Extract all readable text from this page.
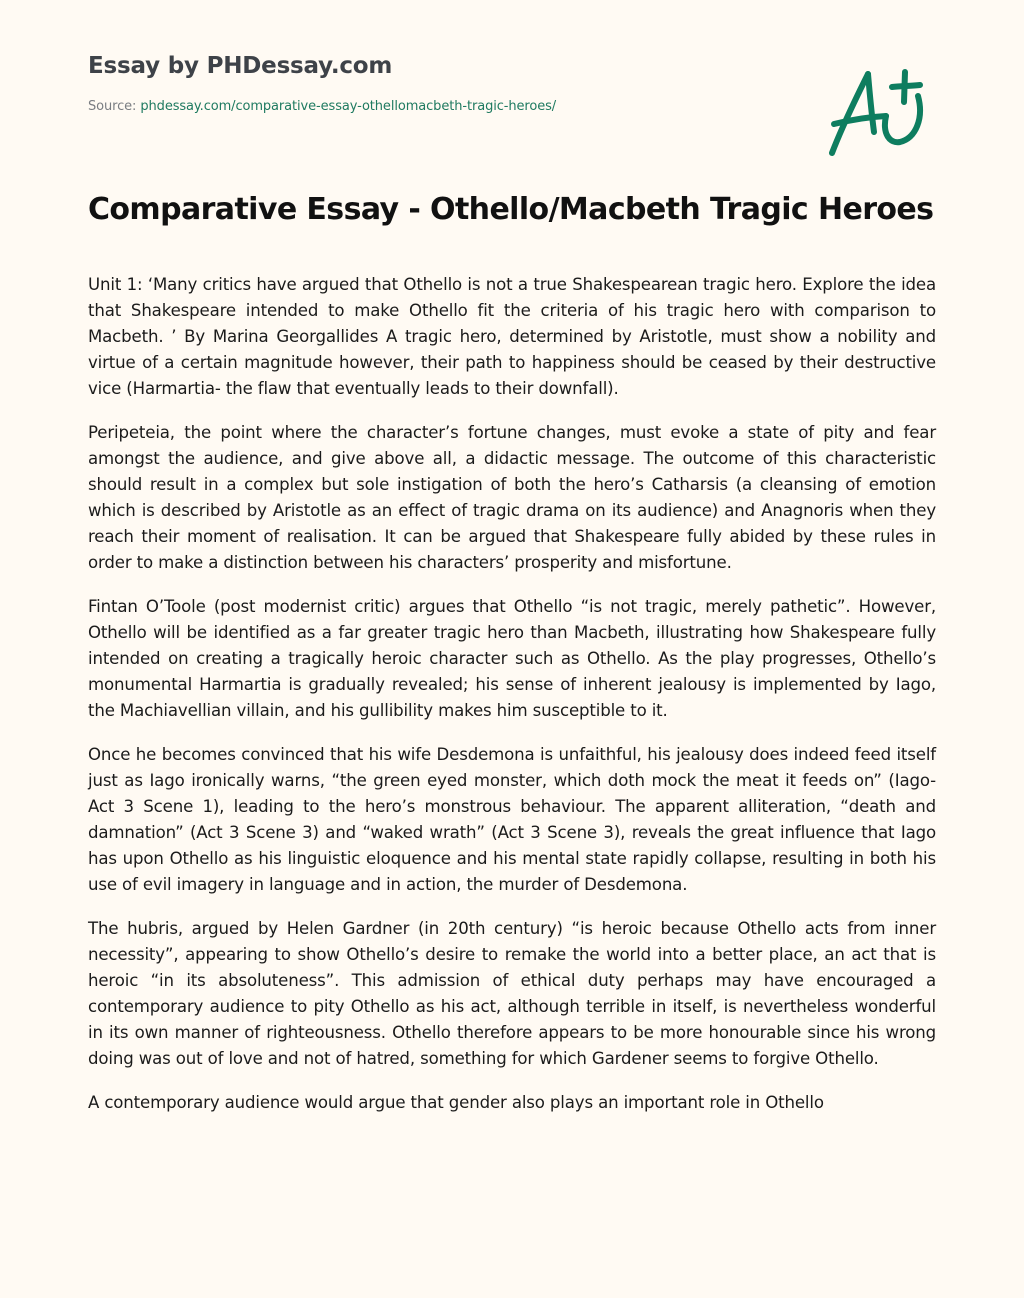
Essay by PHDessay.com
Source: phdessay.com/comparative-essay-othellomacbeth-tragic-heroes/
Comparative Essay - Othello/Macbeth Tragic Heroes

Unit 1: ‘Many critics have argued that Othello is not a true Shakespearean tragic hero. Explore the idea that Shakespeare intended to make Othello fit the criteria of his tragic hero with comparison to Macbeth. ’ By Marina Georgallides A tragic hero, determined by Aristotle, must show a nobility and virtue of a certain magnitude however, their path to happiness should be ceased by their destructive vice (Harmartia- the flaw that eventually leads to their downfall).

Peripeteia, the point where the character’s fortune changes, must evoke a state of pity and fear amongst the audience, and give above all, a didactic message. The outcome of this characteristic should result in a complex but sole instigation of both the hero’s Catharsis (a cleansing of emotion which is described by Aristotle as an effect of tragic drama on its audience) and Anagnoris when they reach their moment of realisation. It can be argued that Shakespeare fully abided by these rules in order to make a distinction between his characters’ prosperity and misfortune.

Fintan O’Toole (post modernist critic) argues that Othello “is not tragic, merely pathetic”. However, Othello will be identified as a far greater tragic hero than Macbeth, illustrating how Shakespeare fully intended on creating a tragically heroic character such as Othello. As the play progresses, Othello’s monumental Harmartia is gradually revealed; his sense of inherent jealousy is implemented by Iago, the Machiavellian villain, and his gullibility makes him susceptible to it.

Once he becomes convinced that his wife Desdemona is unfaithful, his jealousy does indeed feed itself just as Iago ironically warns, “the green eyed monster, which doth mock the meat it feeds on” (Iago- Act 3 Scene 1), leading to the hero’s monstrous behaviour. The apparent alliteration, “death and damnation” (Act 3 Scene 3) and “waked wrath” (Act 3 Scene 3), reveals the great influence that Iago has upon Othello as his linguistic eloquence and his mental state rapidly collapse, resulting in both his use of evil imagery in language and in action, the murder of Desdemona.

The hubris, argued by Helen Gardner (in 20th century) “is heroic because Othello acts from inner necessity”, appearing to show Othello’s desire to remake the world into a better place, an act that is heroic “in its absoluteness”. This admission of ethical duty perhaps may have encouraged a contemporary audience to pity Othello as his act, although terrible in itself, is nevertheless wonderful in its own manner of righteousness. Othello therefore appears to be more honourable since his wrong doing was out of love and not of hatred, something for which Gardener seems to forgive Othello.

A contemporary audience would argue that gender also plays an important role in Othello
